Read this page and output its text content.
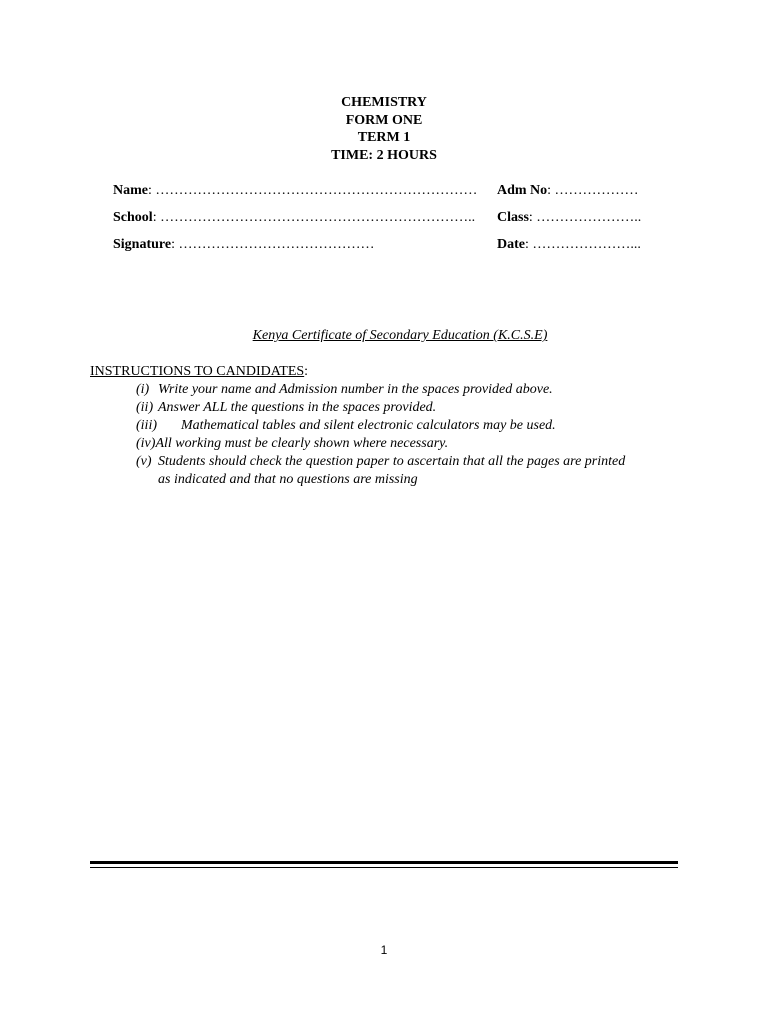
CHEMISTRY
FORM ONE
TERM 1
TIME: 2 HOURS
Name: …………………………………………………………… Adm No: ………………
School: ………………………………………………………….. Class: …………………..
Signature: ……………………………………	Date: …………………...
Kenya Certificate of Secondary Education (K.C.S.E)
INSTRUCTIONS TO CANDIDATES:
(i) Write your name and Admission number in the spaces provided above.
(ii) Answer ALL the questions in the spaces provided.
(iii)	Mathematical tables and silent electronic calculators may be used.
(iv) All working must be clearly shown where necessary.
(v) Students should check the question paper to ascertain that all the pages are printed
as indicated and that no questions are missing
1
